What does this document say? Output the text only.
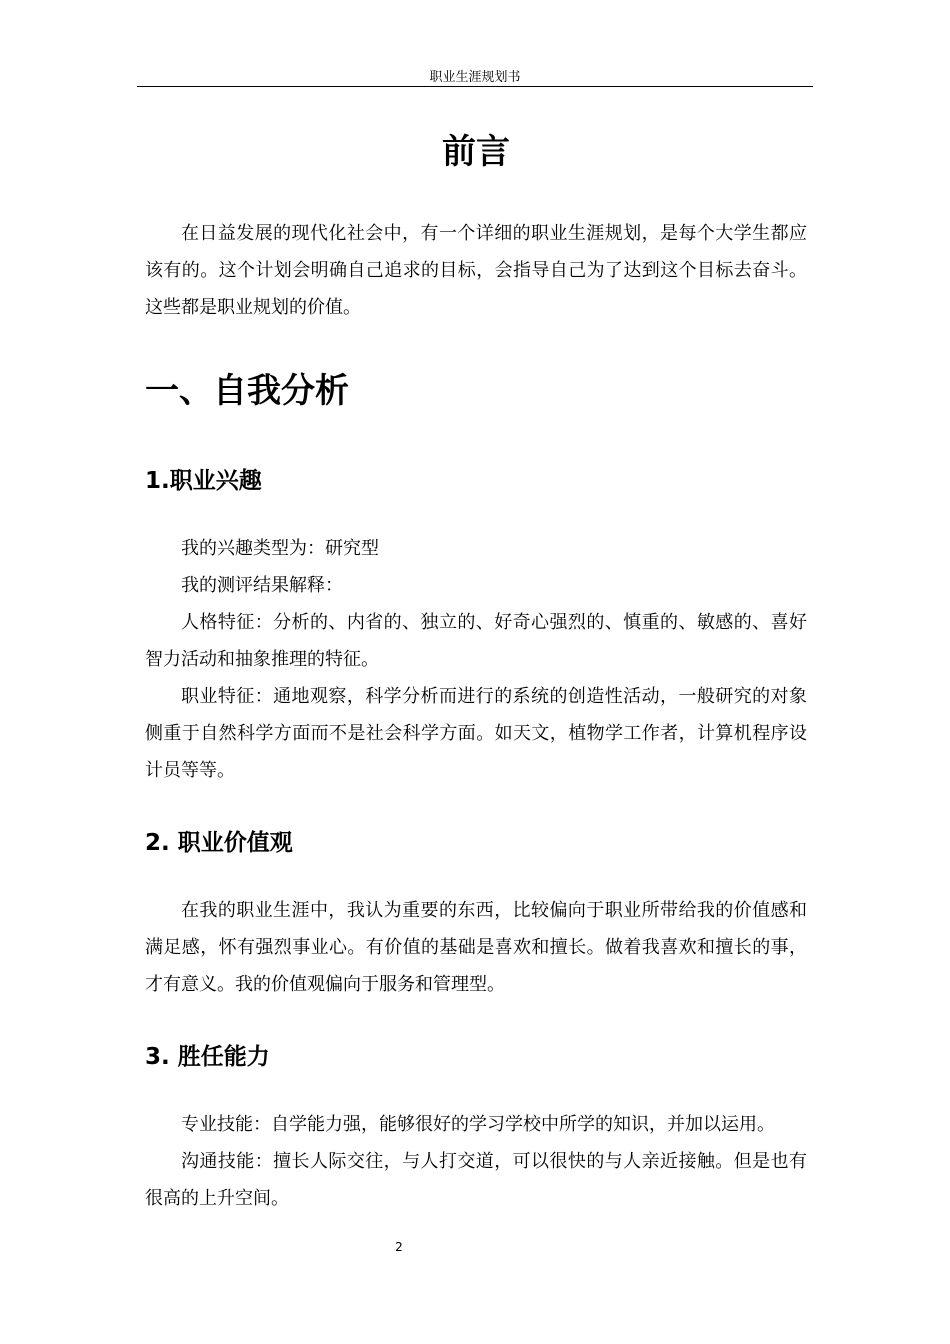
职业生涯规划书
前言

在日益发展的现代化社会中，有一个详细的职业生涯规划，是每个大学生都应该有的。这个计划会明确自己追求的目标，会指导自己为了达到这个目标去奋斗。这些都是职业规划的价值。

一、自我分析
1.职业兴趣

我的兴趣类型为：研究型

我的测评结果解释：

人格特征：分析的、内省的、独立的、好奇心强烈的、慎重的、敏感的、喜好智力活动和抽象推理的特征。

职业特征：通地观察，科学分析而进行的系统的创造性活动，一般研究的对象侧重于自然科学方面而不是社会科学方面。如天文，植物学工作者，计算机程序设计员等等。

2. 职业价值观

在我的职业生涯中，我认为重要的东西，比较偏向于职业所带给我的价值感和满足感，怀有强烈事业心。有价值的基础是喜欢和擅长。做着我喜欢和擅长的事，才有意义。我的价值观偏向于服务和管理型。

3. 胜任能力

专业技能：自学能力强，能够很好的学习学校中所学的知识，并加以运用。

沟通技能：擅长人际交往，与人打交道，可以很快的与人亲近接触。但是也有很高的上升空间。

2
